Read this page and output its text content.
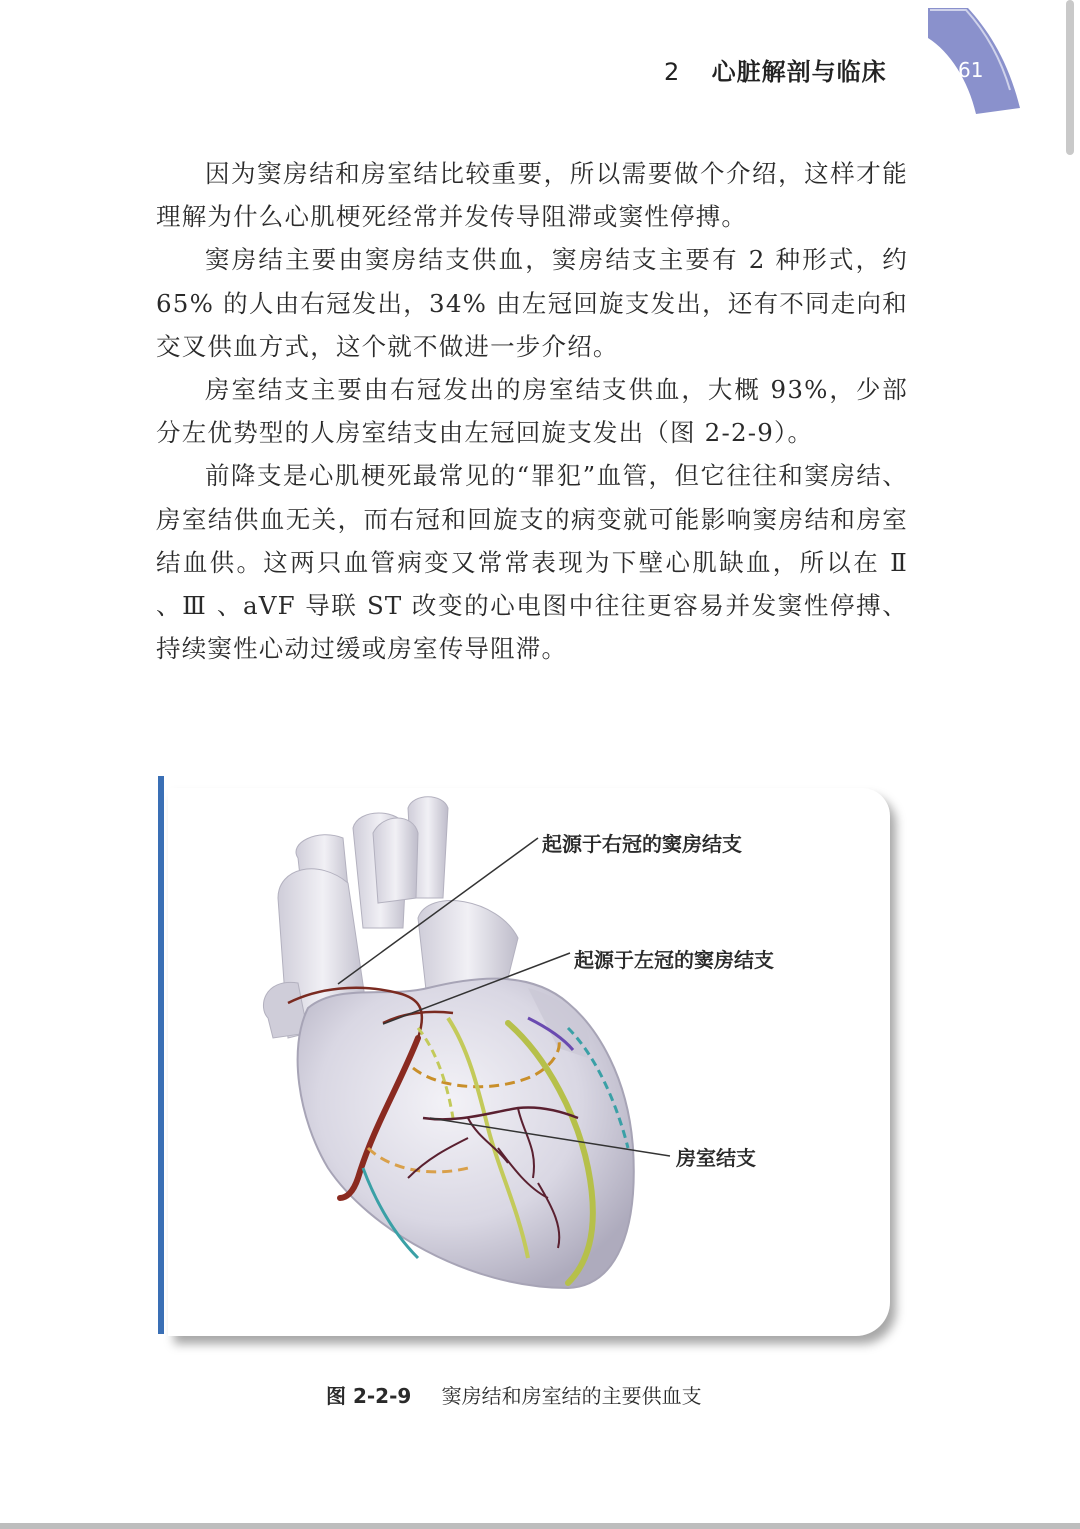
2 心脏解剖与临床	61

因为窦房结和房室结比较重要，所以需要做个介绍，这样才能理解为什么心肌梗死经常并发传导阻滞或窦性停搏。

窦房结主要由窦房结支供血，窦房结支主要有 2 种形式，约 65% 的人由右冠发出，34% 由左冠回旋支发出，还有不同走向和交叉供血方式，这个就不做进一步介绍。

房室结支主要由右冠发出的房室结支供血，大概 93%，少部分左优势型的人房室结支由左冠回旋支发出（图 2-2-9）。

前降支是心肌梗死最常见的“罪犯”血管，但它往往和窦房结、房室结供血无关，而右冠和回旋支的病变就可能影响窦房结和房室结血供。这两只血管病变又常常表现为下壁心肌缺血，所以在 Ⅱ 、Ⅲ 、aVF 导联 ST 改变的心电图中往往更容易并发窦性停搏、持续窦性心动过缓或房室传导阻滞。

起源于右冠的窦房结支
起源于左冠的窦房结支
房室结支
图 2-2-9 窦房结和房室结的主要供血支
